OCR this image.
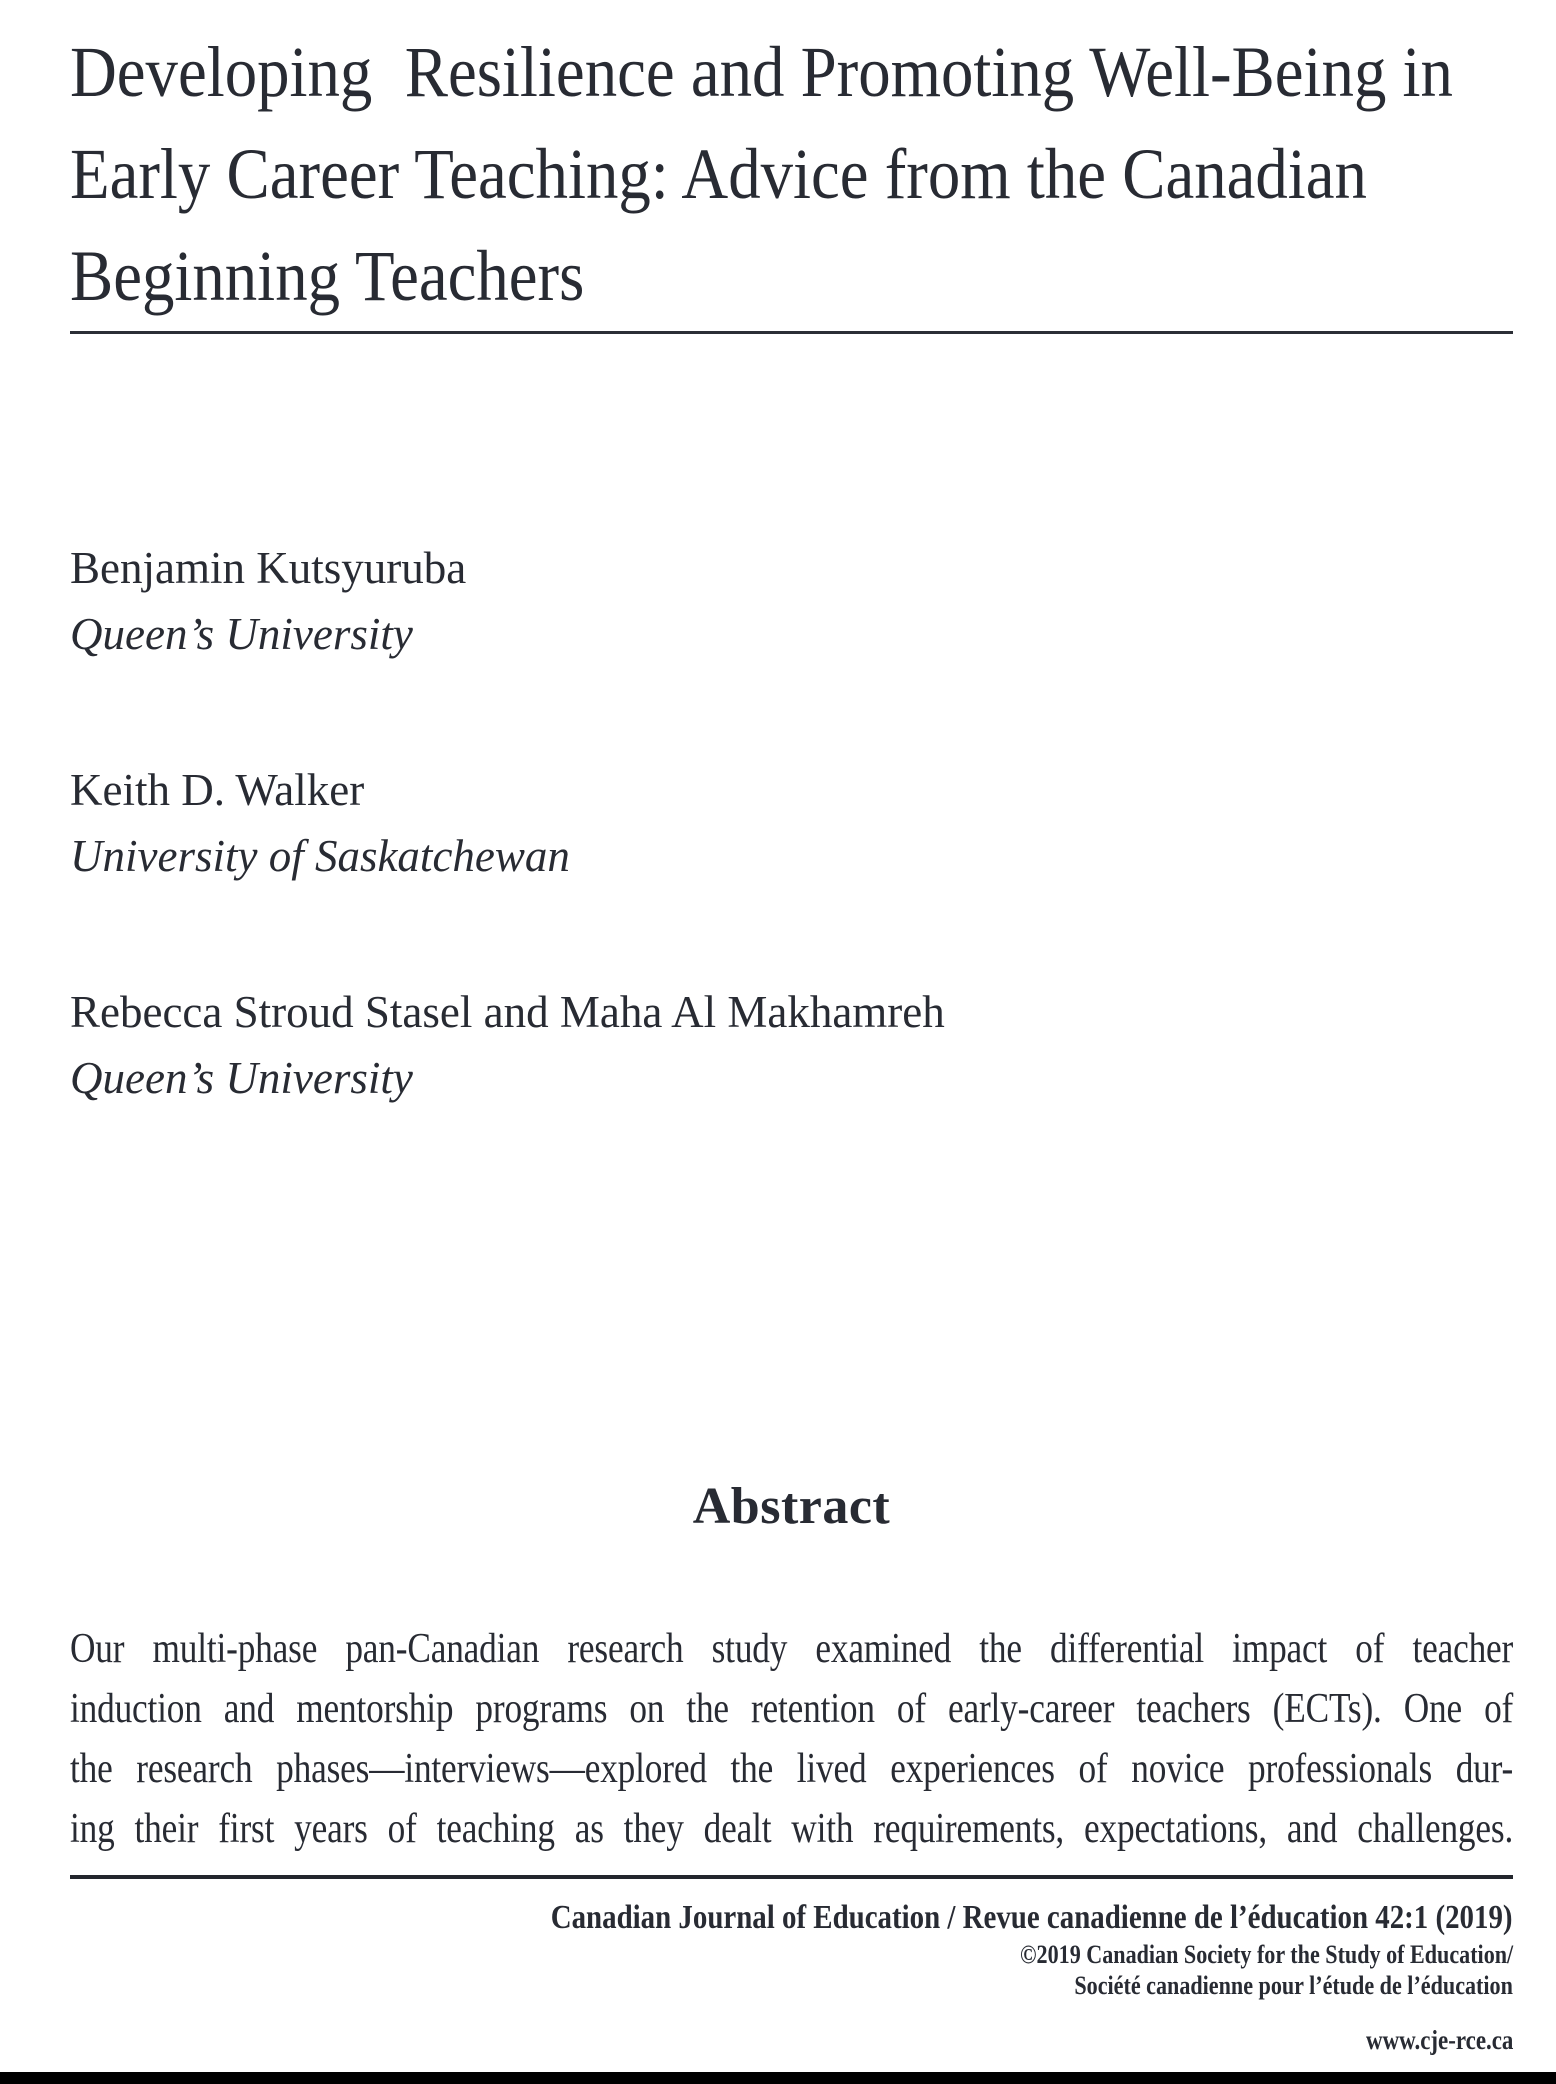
Developing  Resilience and Promoting Well-Being in
Early Career Teaching: Advice from the Canadian
Beginning Teachers
Benjamin Kutsyuruba
Queen’s University
Keith D. Walker
University of Saskatchewan
Rebecca Stroud Stasel and Maha Al Makhamreh
Queen’s University
Abstract
Our multi-phase pan-Canadian research study examined the differential impact of teacher
induction and mentorship programs on the retention of early-career teachers (ECTs). One of
the research phases—interviews—explored the lived experiences of novice professionals dur-
ing their first years of teaching as they dealt with requirements, expectations, and challenges.
Canadian Journal of Education / Revue canadienne de l’éducation 42:1 (2019)
©2019 Canadian Society for the Study of Education/
Société canadienne pour l’étude de l’éducation
www.cje-rce.ca
